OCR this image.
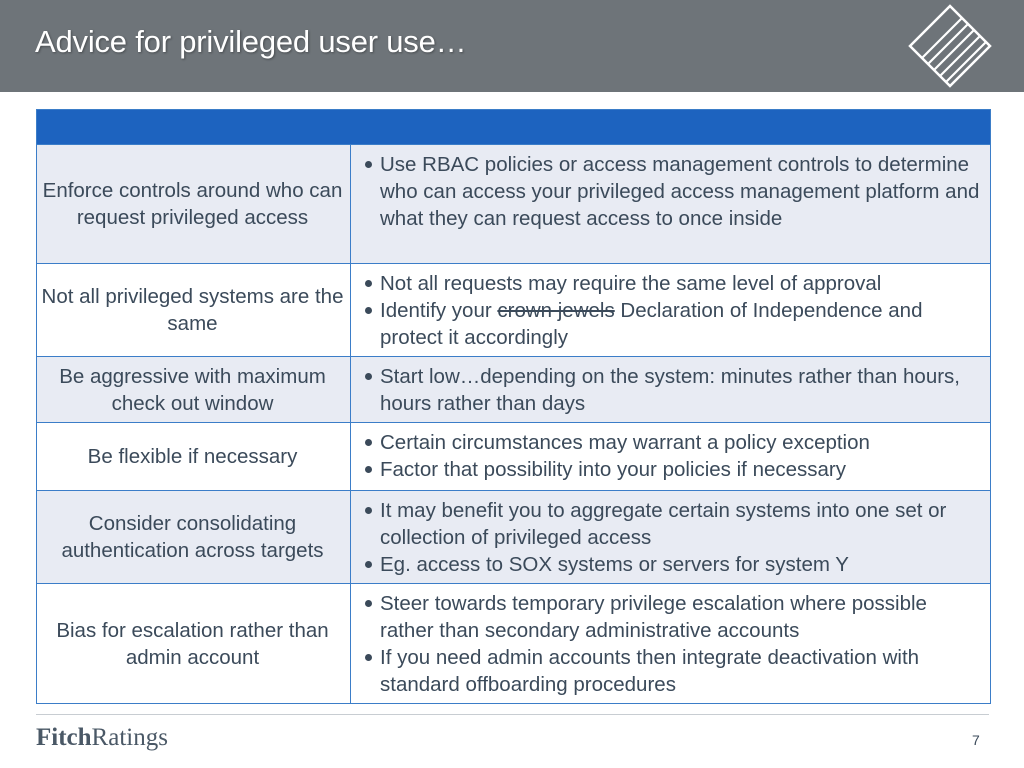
Advice for privileged user use…
Enforce controls around who can request privileged access
Use RBAC policies or access management controls to determine who can access your privileged access management platform and what they can request access to once inside
Not all privileged systems are the same
Not all requests may require the same level of approval
Identify your crown jewels Declaration of Independence and protect it accordingly
Be aggressive with maximum check out window
Start low…depending on the system: minutes rather than hours, hours rather than days
Be flexible if necessary
Certain circumstances may warrant a policy exception
Factor that possibility into your policies if necessary
Consider consolidating authentication across targets
It may benefit you to aggregate certain systems into one set or collection of privileged access
Eg. access to SOX systems or servers for system Y
Bias for escalation rather than admin account
Steer towards temporary privilege escalation where possible rather than secondary administrative accounts
If you need admin accounts then integrate deactivation with standard offboarding procedures
FitchRatings	7
